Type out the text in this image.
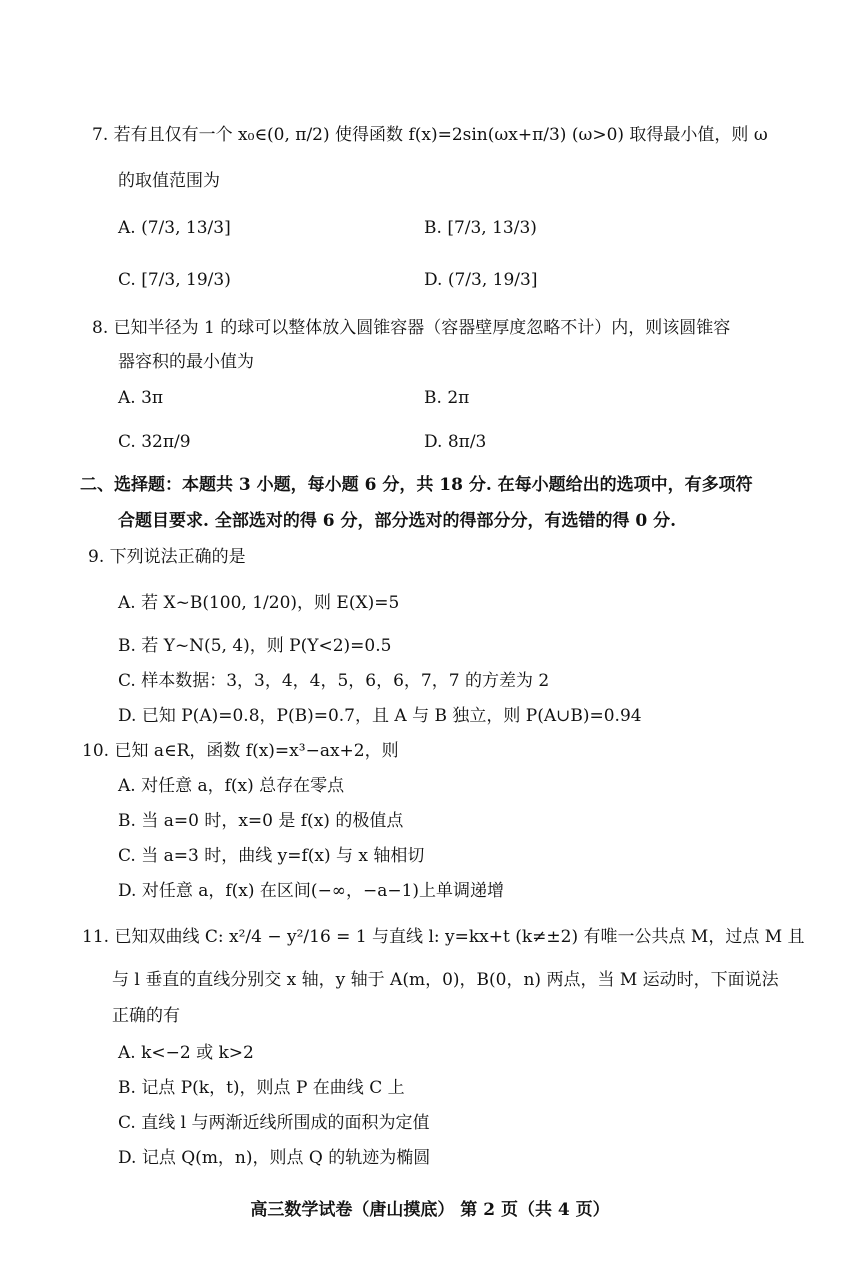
7. 若有且仅有一个 x₀∈(0, π/2) 使得函数 f(x)=2sin(ωx+π/3) (ω>0) 取得最小值，则 ω
的取值范围为
A. (7/3, 13/3]	B. [7/3, 13/3)
C. [7/3, 19/3)	D. (7/3, 19/3]
8. 已知半径为 1 的球可以整体放入圆锥容器（容器壁厚度忽略不计）内，则该圆锥容
器容积的最小值为
A. 3π	B. 2π
C. 32π/9	D. 8π/3
二、选择题：本题共 3 小题，每小题 6 分，共 18 分. 在每小题给出的选项中，有多项符
合题目要求. 全部选对的得 6 分，部分选对的得部分分，有选错的得 0 分.
9. 下列说法正确的是
A. 若 X~B(100, 1/20)，则 E(X)=5
B. 若 Y~N(5, 4)，则 P(Y<2)=0.5
C. 样本数据：3，3，4，4，5，6，6，7，7 的方差为 2
D. 已知 P(A)=0.8，P(B)=0.7，且 A 与 B 独立，则 P(A∪B)=0.94
10. 已知 a∈R，函数 f(x)=x³−ax+2，则
A. 对任意 a，f(x) 总存在零点
B. 当 a=0 时，x=0 是 f(x) 的极值点
C. 当 a=3 时，曲线 y=f(x) 与 x 轴相切
D. 对任意 a，f(x) 在区间(−∞，−a−1)上单调递增
11. 已知双曲线 C: x²/4 − y²/16 = 1 与直线 l: y=kx+t (k≠±2) 有唯一公共点 M，过点 M 且
与 l 垂直的直线分别交 x 轴，y 轴于 A(m，0)，B(0，n) 两点，当 M 运动时，下面说法
正确的有
A. k<−2 或 k>2
B. 记点 P(k，t)，则点 P 在曲线 C 上
C. 直线 l 与两渐近线所围成的面积为定值
D. 记点 Q(m，n)，则点 Q 的轨迹为椭圆
高三数学试卷（唐山摸底） 第 2 页（共 4 页）
